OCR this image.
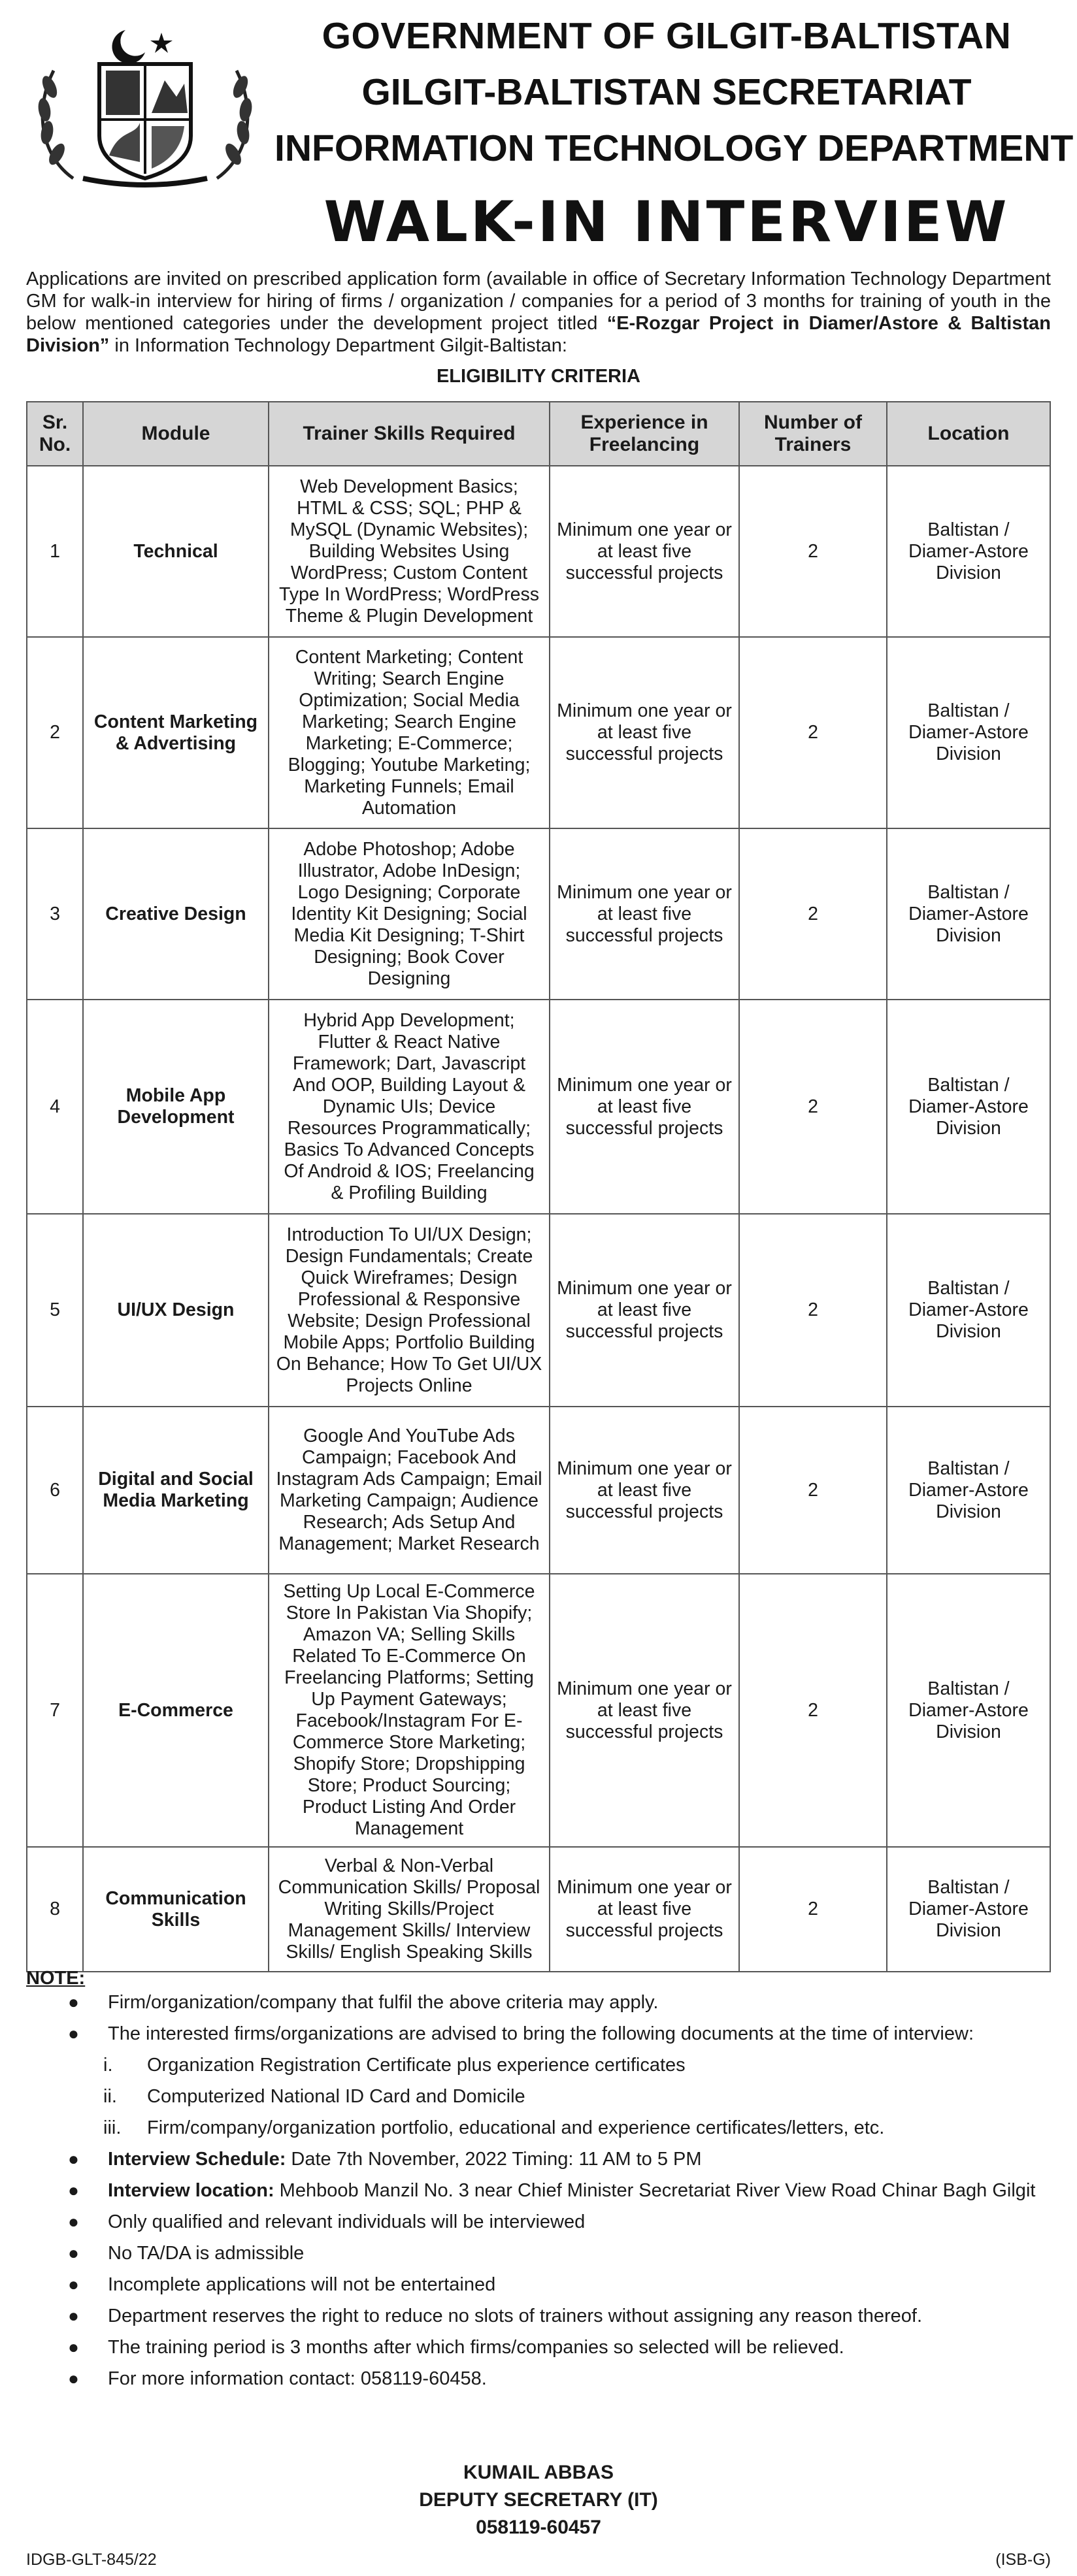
GOVERNMENT OF GILGIT-BALTISTAN
GILGIT-BALTISTAN SECRETARIAT
INFORMATION TECHNOLOGY DEPARTMENT
WALK-IN INTERVIEW
Applications are invited on prescribed application form (available in office of Secretary Information Technology Department GM for walk-in interview for hiring of firms / organization / companies for a period of 3 months for training of youth in the below mentioned categories under the development project titled “E-Rozgar Project in Diamer/Astore & Baltistan Division” in Information Technology Department Gilgit-Baltistan:
ELIGIBILITY CRITERIA
Sr. No.	Module	Trainer Skills Required	Experience in Freelancing	Number of Trainers	Location
1	Technical	Web Development Basics; HTML & CSS; SQL; PHP & MySQL (Dynamic Websites); Building Websites Using WordPress; Custom Content Type In WordPress; WordPress Theme & Plugin Development	Minimum one year or at least five successful projects	2	Baltistan / Diamer-Astore Division
2	Content Marketing & Advertising	Content Marketing; Content Writing; Search Engine Optimization; Social Media Marketing; Search Engine Marketing; E-Commerce; Blogging; Youtube Marketing; Marketing Funnels; Email Automation	Minimum one year or at least five successful projects	2	Baltistan / Diamer-Astore Division
3	Creative Design	Adobe Photoshop; Adobe Illustrator, Adobe InDesign; Logo Designing; Corporate Identity Kit Designing; Social Media Kit Designing; T-Shirt Designing; Book Cover Designing	Minimum one year or at least five successful projects	2	Baltistan / Diamer-Astore Division
4	Mobile App Development	Hybrid App Development; Flutter & React Native Framework; Dart, Javascript And OOP, Building Layout & Dynamic UIs; Device Resources Programmatically; Basics To Advanced Concepts Of Android & IOS; Freelancing & Profiling Building	Minimum one year or at least five successful projects	2	Baltistan / Diamer-Astore Division
5	UI/UX Design	Introduction To UI/UX Design; Design Fundamentals; Create Quick Wireframes; Design Professional & Responsive Website; Design Professional Mobile Apps; Portfolio Building On Behance; How To Get UI/UX Projects Online	Minimum one year or at least five successful projects	2	Baltistan / Diamer-Astore Division
6	Digital and Social Media Marketing	Google And YouTube Ads Campaign; Facebook And Instagram Ads Campaign; Email Marketing Campaign; Audience Research; Ads Setup And Management; Market Research	Minimum one year or at least five successful projects	2	Baltistan / Diamer-Astore Division
7	E-Commerce	Setting Up Local E-Commerce Store In Pakistan Via Shopify; Amazon VA; Selling Skills Related To E-Commerce On Freelancing Platforms; Setting Up Payment Gateways; Facebook/Instagram For E-Commerce Store Marketing; Shopify Store; Dropshipping Store; Product Sourcing; Product Listing And Order Management	Minimum one year or at least five successful projects	2	Baltistan / Diamer-Astore Division
8	Communication Skills	Verbal & Non-Verbal Communication Skills/ Proposal Writing Skills/Project Management Skills/ Interview Skills/ English Speaking Skills	Minimum one year or at least five successful projects	2	Baltistan / Diamer-Astore Division
NOTE:
● Firm/organization/company that fulfil the above criteria may apply.
● The interested firms/organizations are advised to bring the following documents at the time of interview:
i. Organization Registration Certificate plus experience certificates
ii. Computerized National ID Card and Domicile
iii. Firm/company/organization portfolio, educational and experience certificates/letters, etc.
● Interview Schedule: Date 7th November, 2022 Timing: 11 AM to 5 PM
● Interview location: Mehboob Manzil No. 3 near Chief Minister Secretariat River View Road Chinar Bagh Gilgit
● Only qualified and relevant individuals will be interviewed
● No TA/DA is admissible
● Incomplete applications will not be entertained
● Department reserves the right to reduce no slots of trainers without assigning any reason thereof.
● The training period is 3 months after which firms/companies so selected will be relieved.
● For more information contact: 058119-60458.
KUMAIL ABBAS
DEPUTY SECRETARY (IT)
058119-60457
IDGB-GLT-845/22	(ISB-G)
